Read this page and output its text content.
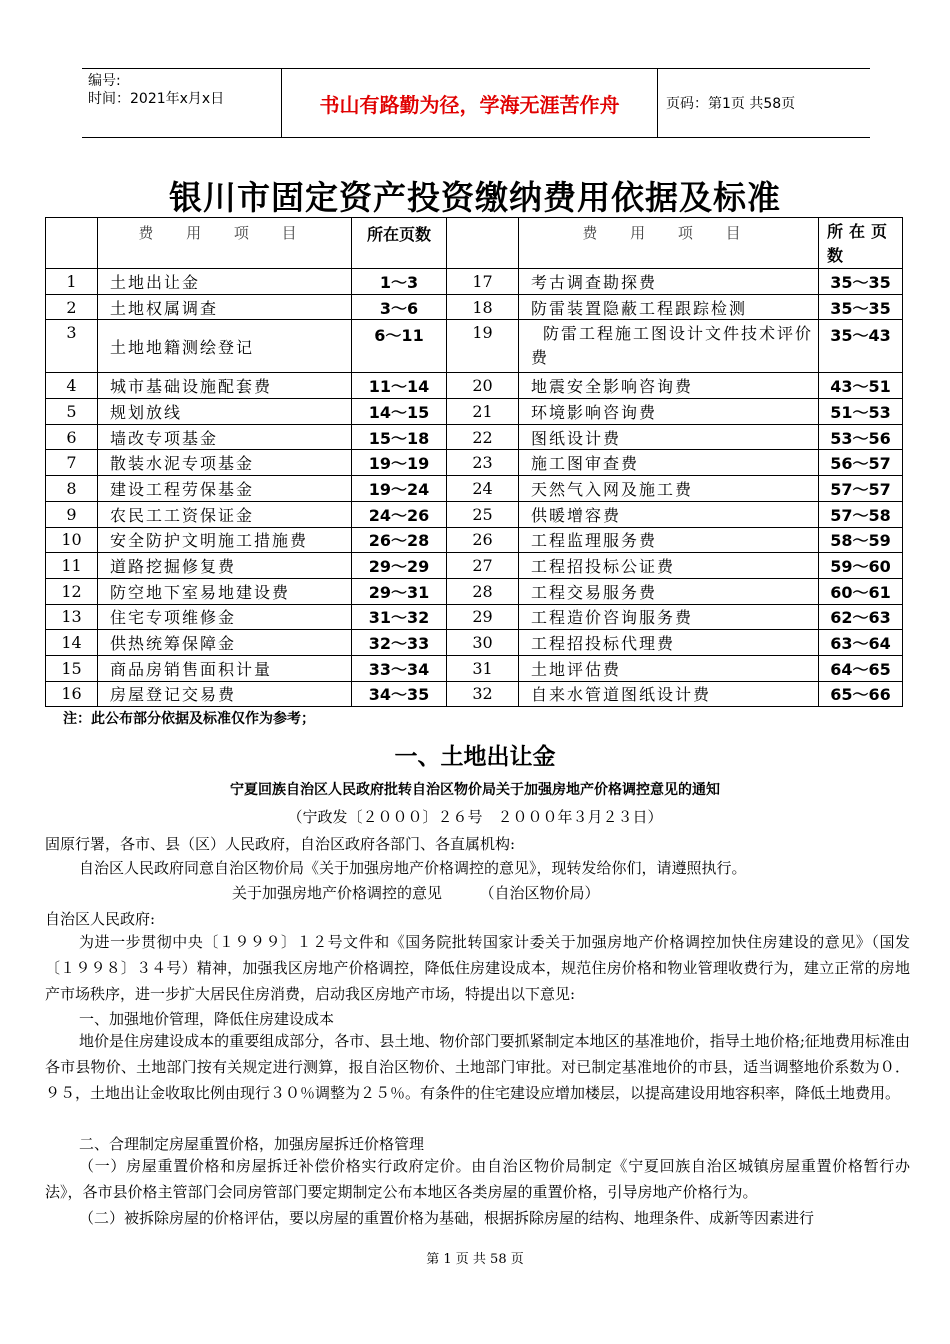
编号:
时间：2021年x月x日	书山有路勤为径，学海无涯苦作舟	页码：第1页 共58页
银川市固定资产投资缴纳费用依据及标准

	费 用 项 目	所在页数		费 用 项 目	所在页数

1	土地出让金	1～3	17	考古调查勘探费	35～35
2	土地权属调查	3～6	18	防雷装置隐蔽工程跟踪检测	35～35
3	土地地籍测绘登记	6～11	19	防雷工程施工图设计文件技术评价
费	35～43
4	城市基础设施配套费	11～14	20	地震安全影响咨询费	43～51
5	规划放线	14～15	21	环境影响咨询费	51～53
6	墙改专项基金	15～18	22	图纸设计费	53～56
7	散装水泥专项基金	19～19	23	施工图审查费	56～57
8	建设工程劳保基金	19～24	24	天然气入网及施工费	57～57
9	农民工工资保证金	24～26	25	供暖增容费	57～58
10	安全防护文明施工措施费	26～28	26	工程监理服务费	58～59
11	道路挖掘修复费	29～29	27	工程招投标公证费	59～60
12	防空地下室易地建设费	29～31	28	工程交易服务费	60～61
13	住宅专项维修金	31～32	29	工程造价咨询服务费	62～63
14	供热统筹保障金	32～33	30	工程招投标代理费	63～64
15	商品房销售面积计量	33～34	31	土地评估费	64～65
16	房屋登记交易费	34～35	32	自来水管道图纸设计费	65～66
注：此公布部分依据及标准仅作为参考；
一、土地出让金
宁夏回族自治区人民政府批转自治区物价局关于加强房地产价格调控意见的通知
（宁政发〔２０００〕２６号　２０００年３月２３日）
固原行署，各市、县（区）人民政府，自治区政府各部门、各直属机构:
自治区人民政府同意自治区物价局《关于加强房地产价格调控的意见》，现转发给你们，请遵照执行。
关于加强房地产价格调控的意见　　　（自治区物价局）
自治区人民政府:
为进一步贯彻中央〔１９９９〕１２号文件和《国务院批转国家计委关于加强房地产价格调控加快住房建设的意见》（国发〔１９９８〕３４号）精神，加强我区房地产价格调控，降低住房建设成本，规范住房价格和物业管理收费行为，建立正常的房地产市场秩序，进一步扩大居民住房消费，启动我区房地产市场，特提出以下意见:
一、加强地价管理，降低住房建设成本
地价是住房建设成本的重要组成部分，各市、县土地、物价部门要抓紧制定本地区的基准地价，指导土地价格;征地费用标准由各市县物价、土地部门按有关规定进行测算，报自治区物价、土地部门审批。对已制定基准地价的市县，适当调整地价系数为０．９５，土地出让金收取比例由现行３０％调整为２５％。有条件的住宅建设应增加楼层，以提高建设用地容积率，降低土地费用。
二、合理制定房屋重置价格，加强房屋拆迁价格管理
（一）房屋重置价格和房屋拆迁补偿价格实行政府定价。由自治区物价局制定《宁夏回族自治区城镇房屋重置价格暂行办法》，各市县价格主管部门会同房管部门要定期制定公布本地区各类房屋的重置价格，引导房地产价格行为。
（二）被拆除房屋的价格评估，要以房屋的重置价格为基础，根据拆除房屋的结构、地理条件、成新等因素进行
第 1 页 共 58 页
